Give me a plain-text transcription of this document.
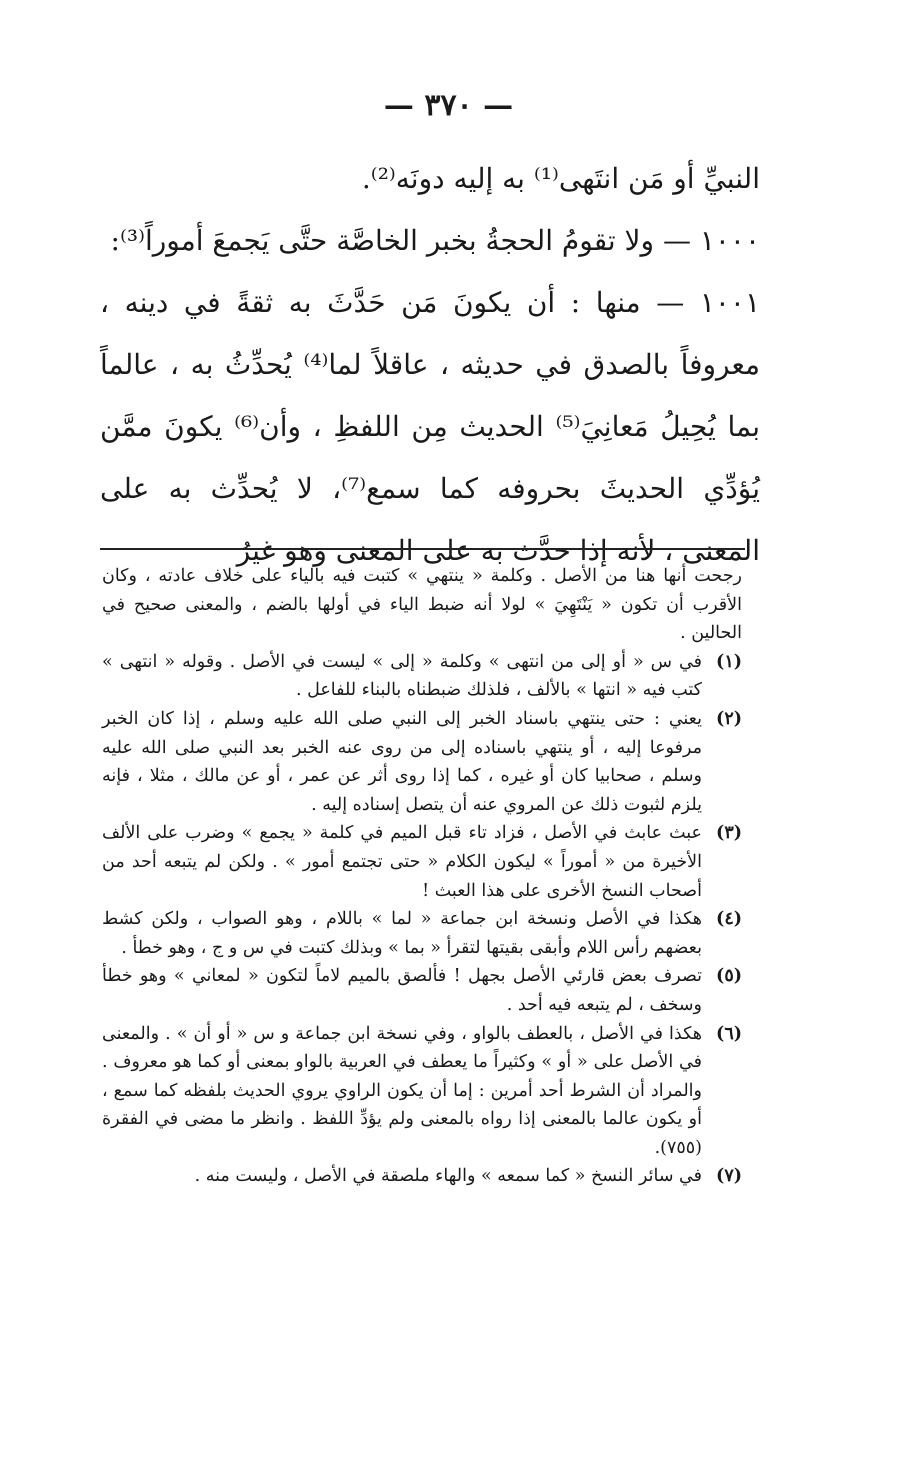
— ٣٧٠ —

النبيِّ أو مَن انتَهى⁽¹⁾ به إليه دونَه⁽²⁾.

١٠٠٠ — ولا تقومُ الحجةُ بخبر الخاصَّة حتَّى يَجمعَ أموراً⁽³⁾:

١٠٠١ — منها : أن يكونَ مَن حَدَّثَ به ثقةً في دينه ، معروفاً بالصدق في حديثه ، عاقلاً لما⁽⁴⁾ يُحدِّثُ به ، عالماً بما يُحِيلُ مَعانِيَ⁽⁵⁾ الحديث مِن اللفظِ ، وأن⁽⁶⁾ يكونَ ممَّن يُؤدِّي الحديثَ بحروفه كما سمع⁽⁷⁾، لا يُحدِّث به على المعنى ، لأنه إذا حدَّث به على المعنى وهو غيرُ

رجحت أنها هنا من الأصل . وكلمة « ينتهي » كتبت فيه بالياء على خلاف عادته ، وكان الأقرب أن تكون « يَنْتَهِيَ » لولا أنه ضبط الياء في أولها بالضم ، والمعنى صحيح في الحالين .

(١)

في س « أو إلى من انتهى » وكلمة « إلى » ليست في الأصل . وقوله « انتهى » كتب فيه « انتها » بالألف ، فلذلك ضبطناه بالبناء للفاعل .

(٢)

يعني : حتى ينتهي باسناد الخبر إلى النبي صلى الله عليه وسلم ، إذا كان الخبر مرفوعا إليه ، أو ينتهي باسناده إلى من روى عنه الخبر بعد النبي صلى الله عليه وسلم ، صحابيا كان أو غيره ، كما إذا روى أثر عن عمر ، أو عن مالك ، مثلا ، فإنه يلزم لثبوت ذلك عن المروي عنه أن يتصل إسناده إليه .

(٣)

عبث عابث في الأصل ، فزاد تاء قبل الميم في كلمة « يجمع » وضرب على الألف الأخيرة من « أموراً » ليكون الكلام « حتى تجتمع أمور » . ولكن لم يتبعه أحد من أصحاب النسخ الأخرى على هذا العبث !

(٤)

هكذا في الأصل ونسخة ابن جماعة « لما » باللام ، وهو الصواب ، ولكن كشط بعضهم رأس اللام وأبقى بقيتها لتقرأ « بما » وبذلك كتبت في س و ج ، وهو خطأ .

(٥)

تصرف بعض قارئي الأصل بجهل ! فألصق بالميم لاماً لتكون « لمعاني » وهو خطأ وسخف ، لم يتبعه فيه أحد .

(٦)

هكذا في الأصل ، بالعطف بالواو ، وفي نسخة ابن جماعة و س « أو أن » . والمعنى في الأصل على « أو » وكثيراً ما يعطف في العربية بالواو بمعنى أو كما هو معروف . والمراد أن الشرط أحد أمرين : إما أن يكون الراوي يروي الحديث بلفظه كما سمع ، أو يكون عالما بالمعنى إذا رواه بالمعنى ولم يؤدِّ اللفظ . وانظر ما مضى في الفقرة (٧٥٥).

(٧)

في سائر النسخ « كما سمعه » والهاء ملصقة في الأصل ، وليست منه .
